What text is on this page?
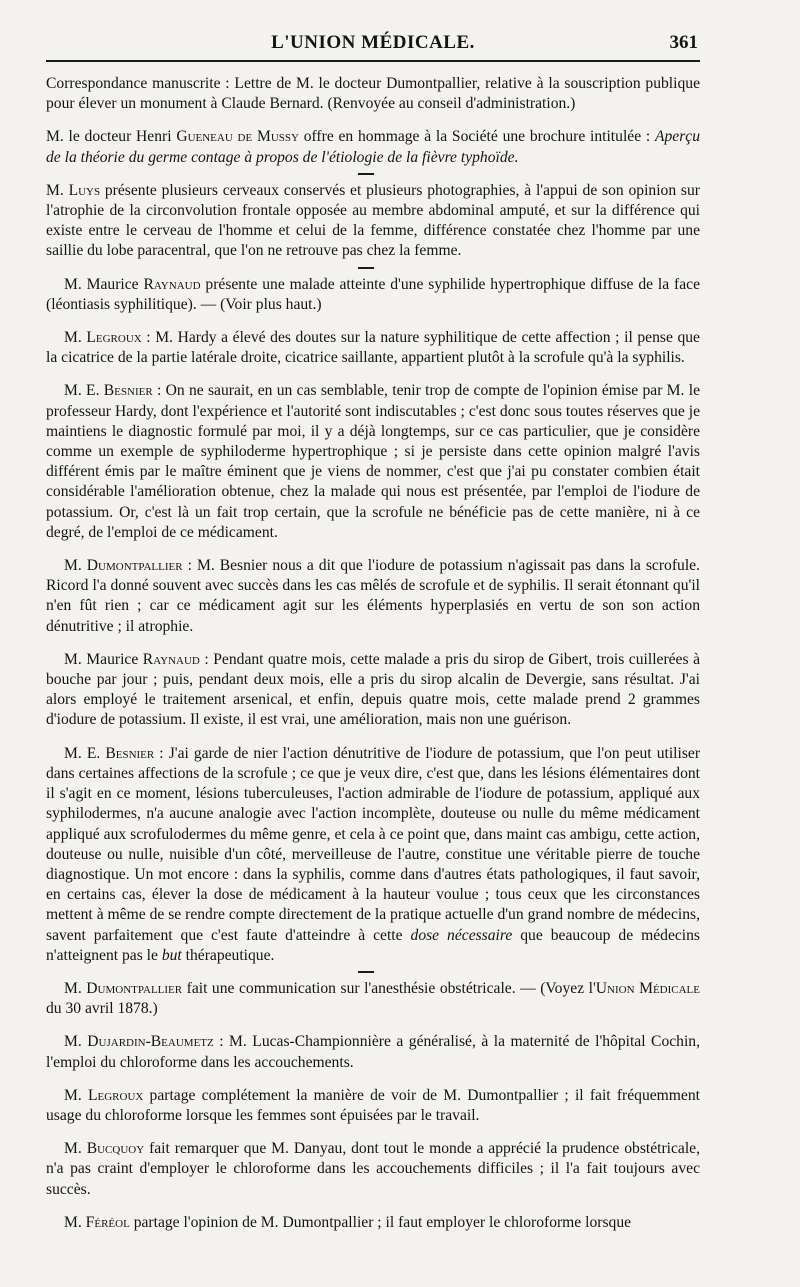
L'UNION MÉDICALE.	361

Correspondance manuscrite : Lettre de M. le docteur Dumontpallier, relative à la souscription publique pour élever un monument à Claude Bernard. (Renvoyée au conseil d'administration.)

M. le docteur Henri Gueneau de Mussy offre en hommage à la Société une brochure intitulée : Aperçu de la théorie du germe contage à propos de l'étiologie de la fièvre typhoïde.

M. Luys présente plusieurs cerveaux conservés et plusieurs photographies, à l'appui de son opinion sur l'atrophie de la circonvolution frontale opposée au membre abdominal amputé, et sur la différence qui existe entre le cerveau de l'homme et celui de la femme, différence constatée chez l'homme par une saillie du lobe paracentral, que l'on ne retrouve pas chez la femme.

M. Maurice Raynaud présente une malade atteinte d'une syphilide hypertrophique diffuse de la face (léontiasis syphilitique). — (Voir plus haut.)

M. Legroux : M. Hardy a élevé des doutes sur la nature syphilitique de cette affection ; il pense que la cicatrice de la partie latérale droite, cicatrice saillante, appartient plutôt à la scrofule qu'à la syphilis.

M. E. Besnier : On ne saurait, en un cas semblable, tenir trop de compte de l'opinion émise par M. le professeur Hardy, dont l'expérience et l'autorité sont indiscutables ; c'est donc sous toutes réserves que je maintiens le diagnostic formulé par moi, il y a déjà longtemps, sur ce cas particulier, que je considère comme un exemple de syphiloderme hypertrophique ; si je persiste dans cette opinion malgré l'avis différent émis par le maître éminent que je viens de nommer, c'est que j'ai pu constater combien était considérable l'amélioration obtenue, chez la malade qui nous est présentée, par l'emploi de l'iodure de potassium. Or, c'est là un fait trop certain, que la scrofule ne bénéficie pas de cette manière, ni à ce degré, de l'emploi de ce médicament.

M. Dumontpallier : M. Besnier nous a dit que l'iodure de potassium n'agissait pas dans la scrofule. Ricord l'a donné souvent avec succès dans les cas mêlés de scrofule et de syphilis. Il serait étonnant qu'il n'en fût rien ; car ce médicament agit sur les éléments hyperplasiés en vertu de son son action dénutritive ; il atrophie.

M. Maurice Raynaud : Pendant quatre mois, cette malade a pris du sirop de Gibert, trois cuillerées à bouche par jour ; puis, pendant deux mois, elle a pris du sirop alcalin de Devergie, sans résultat. J'ai alors employé le traitement arsenical, et enfin, depuis quatre mois, cette malade prend 2 grammes d'iodure de potassium. Il existe, il est vrai, une amélioration, mais non une guérison.

M. E. Besnier : J'ai garde de nier l'action dénutritive de l'iodure de potassium, que l'on peut utiliser dans certaines affections de la scrofule ; ce que je veux dire, c'est que, dans les lésions élémentaires dont il s'agit en ce moment, lésions tuberculeuses, l'action admirable de l'iodure de potassium, appliqué aux syphilodermes, n'a aucune analogie avec l'action incomplète, douteuse ou nulle du même médicament appliqué aux scrofulodermes du même genre, et cela à ce point que, dans maint cas ambigu, cette action, douteuse ou nulle, nuisible d'un côté, merveilleuse de l'autre, constitue une véritable pierre de touche diagnostique. Un mot encore : dans la syphilis, comme dans d'autres états pathologiques, il faut savoir, en certains cas, élever la dose de médicament à la hauteur voulue ; tous ceux que les circonstances mettent à même de se rendre compte directement de la pratique actuelle d'un grand nombre de médecins, savent parfaitement que c'est faute d'atteindre à cette dose nécessaire que beaucoup de médecins n'atteignent pas le but thérapeutique.

M. Dumontpallier fait une communication sur l'anesthésie obstétricale. — (Voyez l'Union Médicale du 30 avril 1878.)

M. Dujardin-Beaumetz : M. Lucas-Championnière a généralisé, à la maternité de l'hôpital Cochin, l'emploi du chloroforme dans les accouchements.

M. Legroux partage complétement la manière de voir de M. Dumontpallier ; il fait fréquemment usage du chloroforme lorsque les femmes sont épuisées par le travail.

M. Bucquoy fait remarquer que M. Danyau, dont tout le monde a apprécié la prudence obstétricale, n'a pas craint d'employer le chloroforme dans les accouchements difficiles ; il l'a fait toujours avec succès.

M. Féréol partage l'opinion de M. Dumontpallier ; il faut employer le chloroforme lorsque
